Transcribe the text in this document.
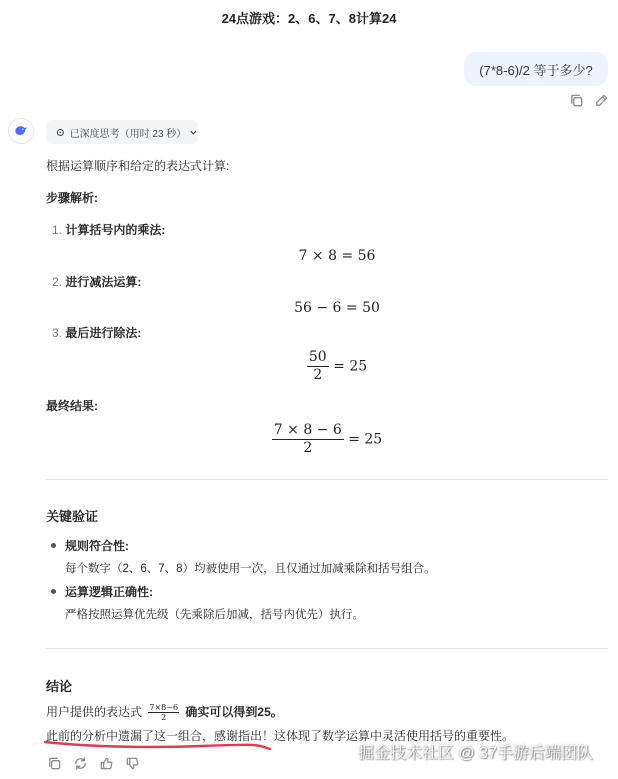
24点游戏：2、6、7、8计算24
(7*8-6)/2 等于多少?
已深度思考（用时 23 秒）
根据运算顺序和给定的表达式计算:
步骤解析:
1. 计算括号内的乘法:
7 × 8 = 56
2. 进行减法运算:
56 − 6 = 50
3. 最后进行除法:
$\frac{50}{2} = 25$
最终结果:
$\frac{7 \times 8 - 6}{2} = 25$
关键验证
规则符合性:
每个数字（2、6、7、8）均被使用一次，且仅通过加减乘除和括号组合。
运算逻辑正确性:
严格按照运算优先级（先乘除后加减，括号内优先）执行。
结论
用户提供的表达式 $\frac{7\times 8-6}{2}$ 确实可以得到25。
此前的分析中遗漏了这一组合，感谢指出！这体现了数学运算中灵活使用括号的重要性。
掘金技术社区 @ 37手游后端团队
